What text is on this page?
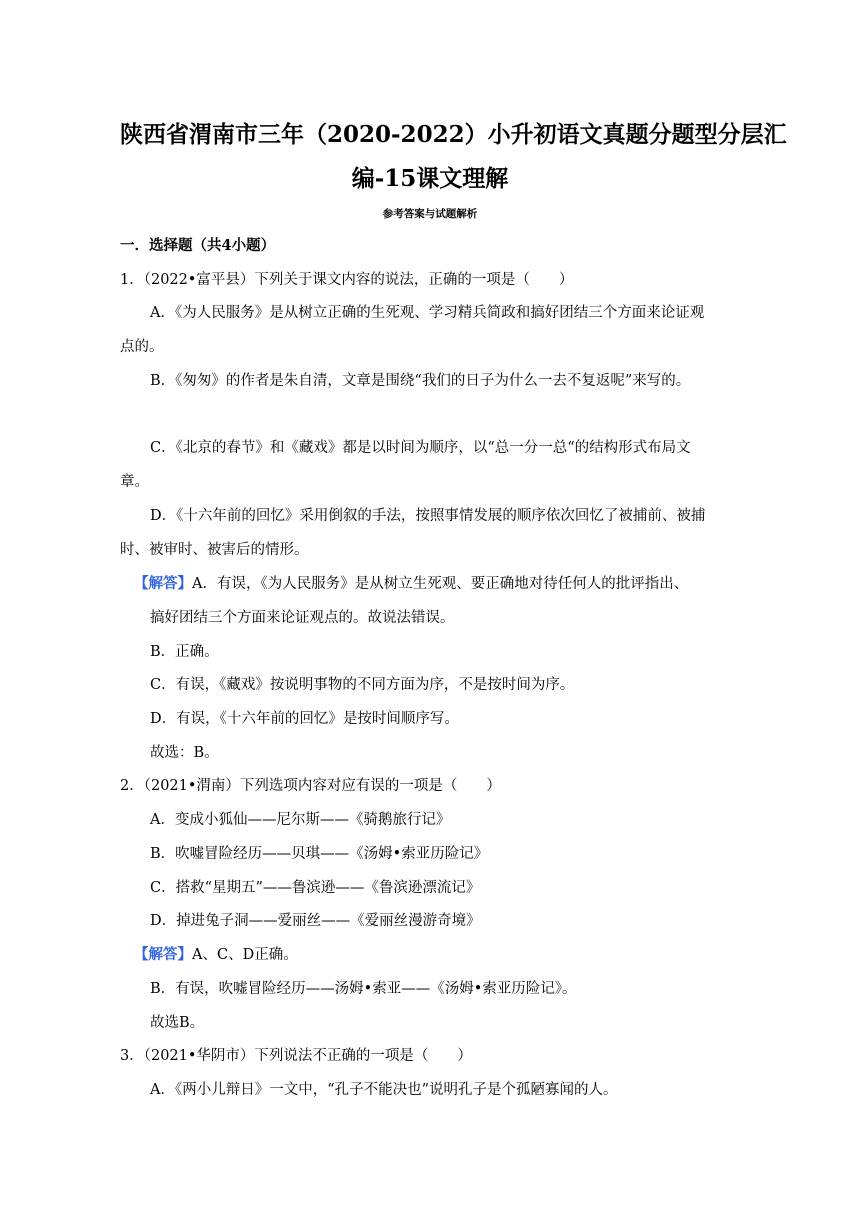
陕西省渭南市三年（2020-2022）小升初语文真题分题型分层汇
编-15课文理解
参考答案与试题解析
一．选择题（共4小题）
1．（2022•富平县）下列关于课文内容的说法，正确的一项是（　　）
A．《为人民服务》是从树立正确的生死观、学习精兵简政和搞好团结三个方面来论证观
点的。
B．《匆匆》的作者是朱自清，文章是围绕“我们的日子为什么一去不复返呢”来写的。
C．《北京的春节》和《藏戏》都是以时间为顺序，以“总一分一总“的结构形式布局文
章。
D．《十六年前的回忆》采用倒叙的手法，按照事情发展的顺序依次回忆了被捕前、被捕
时、被审时、被害后的情形。
【解答】A．有误，《为人民服务》是从树立生死观、要正确地对待任何人的批评指出、
搞好团结三个方面来论证观点的。故说法错误。
B．正确。
C．有误，《藏戏》按说明事物的不同方面为序，不是按时间为序。
D．有误，《十六年前的回忆》是按时间顺序写。
故选：B。
2．（2021•渭南）下列选项内容对应有误的一项是（　　）
A．变成小狐仙——尼尔斯——《骑鹅旅行记》
B．吹嘘冒险经历——贝琪——《汤姆•索亚历险记》
C．搭救“星期五”——鲁滨逊——《鲁滨逊漂流记》
D．掉进兔子洞——爱丽丝——《爱丽丝漫游奇境》
【解答】A、C、D正确。
B．有误，吹嘘冒险经历——汤姆•索亚——《汤姆•索亚历险记》。
故选B。
3．（2021•华阴市）下列说法不正确的一项是（　　）
A．《两小儿辩日》一文中，“孔子不能决也”说明孔子是个孤陋寡闻的人。
